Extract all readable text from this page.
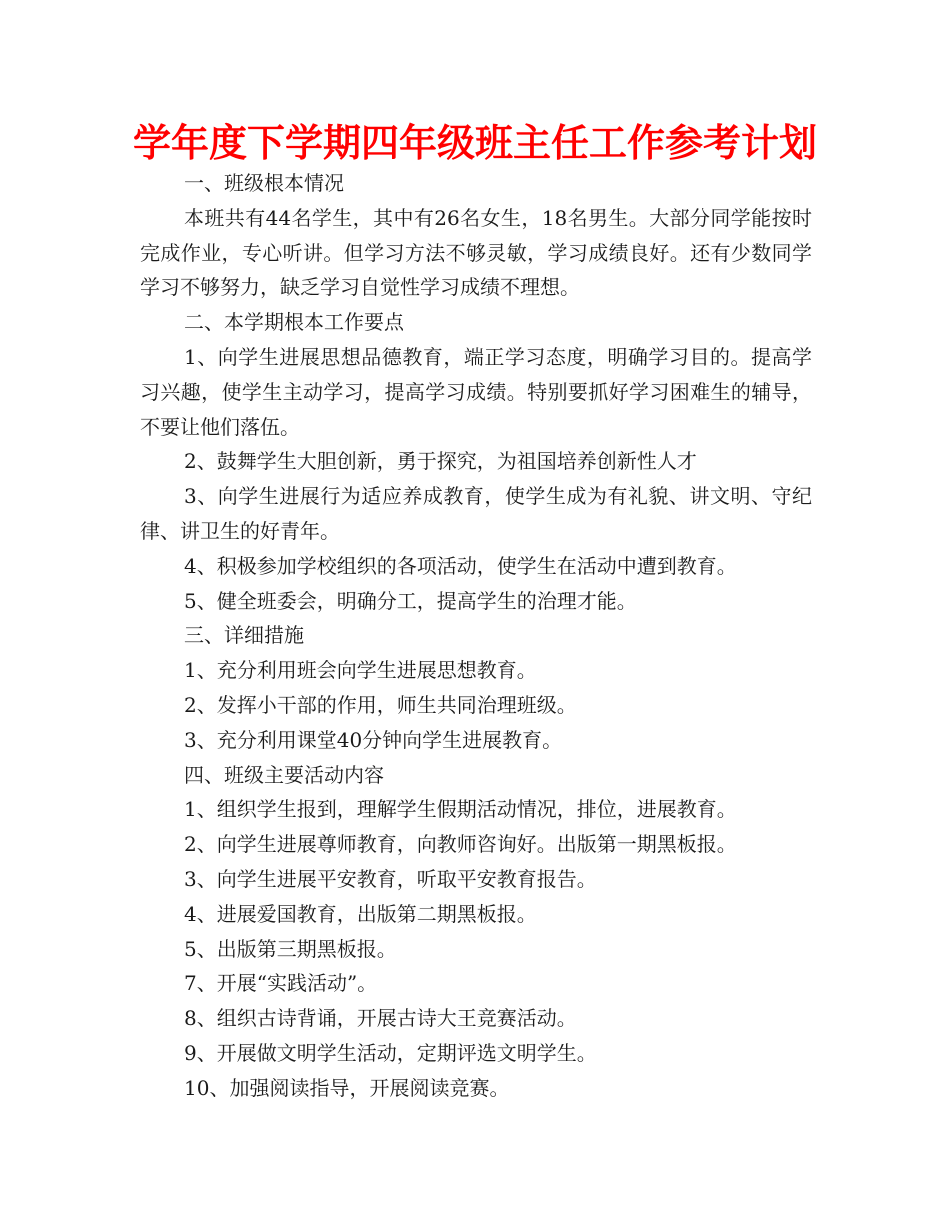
学年度下学期四年级班主任工作参考计划

一、班级根本情况

本班共有44名学生，其中有26名女生，18名男生。大部分同学能按时完成作业，专心听讲。但学习方法不够灵敏，学习成绩良好。还有少数同学学习不够努力，缺乏学习自觉性学习成绩不理想。

二、本学期根本工作要点

1、向学生进展思想品德教育，端正学习态度，明确学习目的。提高学习兴趣，使学生主动学习，提高学习成绩。特别要抓好学习困难生的辅导，不要让他们落伍。

2、鼓舞学生大胆创新，勇于探究，为祖国培养创新性人才

3、向学生进展行为适应养成教育，使学生成为有礼貌、讲文明、守纪律、讲卫生的好青年。

4、积极参加学校组织的各项活动，使学生在活动中遭到教育。

5、健全班委会，明确分工，提高学生的治理才能。

三、详细措施

1、充分利用班会向学生进展思想教育。

2、发挥小干部的作用，师生共同治理班级。

3、充分利用课堂40分钟向学生进展教育。

四、班级主要活动内容

1、组织学生报到，理解学生假期活动情况，排位，进展教育。

2、向学生进展尊师教育，向教师咨询好。出版第一期黑板报。

3、向学生进展平安教育，听取平安教育报告。

4、进展爱国教育，出版第二期黑板报。

5、出版第三期黑板报。

7、开展“实践活动”。

8、组织古诗背诵，开展古诗大王竞赛活动。

9、开展做文明学生活动，定期评选文明学生。

10、加强阅读指导，开展阅读竞赛。
